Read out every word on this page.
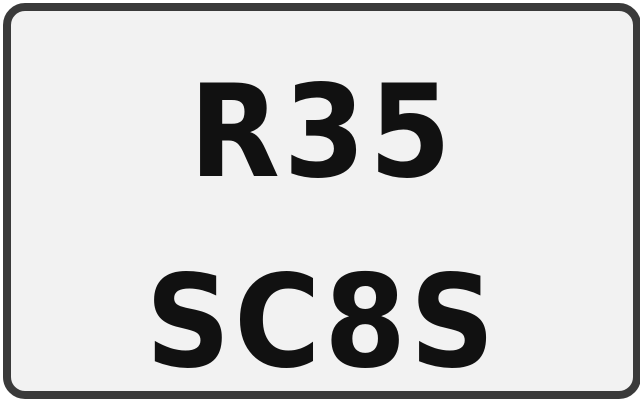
R35
SC8S
